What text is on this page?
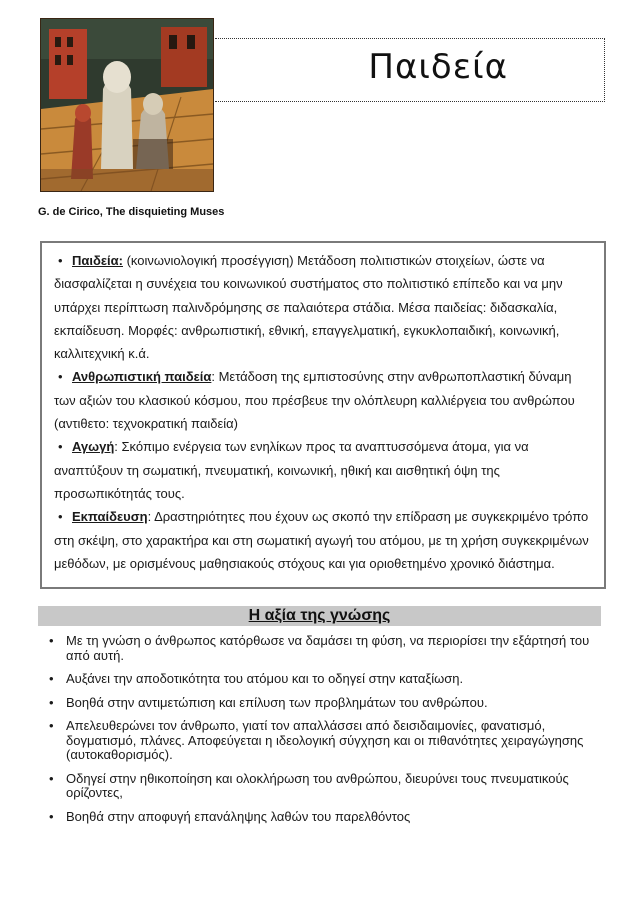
G. de Cirico, The disquieting Muses
Παιδεία

• Παιδεία: (κοινωνιολογική προσέγγιση) Μετάδοση πολιτιστικών στοιχείων, ώστε να διασφαλίζεται η συνέχεια του κοινωνικού συστήματος στο πολιτιστικό επίπεδο και να μην υπάρχει περίπτωση παλινδρόμησης σε παλαιότερα στάδια. Μέσα παιδείας: διδασκαλία, εκπαίδευση. Μορφές: ανθρωπιστική, εθνική, επαγγελματική, εγκυκλοπαιδική, κοινωνική, καλλιτεχνική κ.ά.

• Ανθρωπιστική παιδεία: Μετάδοση της εμπιστοσύνης στην ανθρωποπλαστική δύναμη των αξιών του κλασικού κόσμου, που πρέσβευε την ολόπλευρη καλλιέργεια του ανθρώπου (αντιθετο: τεχνοκρατική παιδεία)

• Αγωγή: Σκόπιμο ενέργεια των ενηλίκων προς τα αναπτυσσόμενα άτομα, για να αναπτύξουν τη σωματική, πνευματική, κοινωνική, ηθική και αισθητική όψη της προσωπικότητάς τους.

• Εκπαίδευση: Δραστηριότητες που έχουν ως σκοπό την επίδραση με συγκεκριμένο τρόπο στη σκέψη, στο χαρακτήρα και στη σωματική αγωγή του ατόμου, με τη χρήση συγκεκριμένων μεθόδων, με ορισμένους μαθησιακούς στόχους και για οριοθετημένο χρονικό διάστημα.

Η αξία της γνώσης
• Με τη γνώση ο άνθρωπος κατόρθωσε να δαμάσει τη φύση, να περιορίσει την εξάρτησή του από αυτή.
• Αυξάνει την αποδοτικότητα του ατόμου και το οδηγεί στην καταξίωση.
• Βοηθά στην αντιμετώπιση και επίλυση των προβλημάτων του ανθρώπου.
• Απελευθερώνει τον άνθρωπο, γιατί τον απαλλάσσει από δεισιδαιμονίες, φανατισμό, δογματισμό, πλάνες. Αποφεύγεται η ιδεολογική σύγχηση και οι πιθανότητες χειραγώγησης (αυτοκαθορισμός).
• Οδηγεί στην ηθικοποίηση και ολοκλήρωση του ανθρώπου, διευρύνει τους πνευματικούς ορίζοντες,
• Βοηθά στην αποφυγή επανάληψης λαθών του παρελθόντος
